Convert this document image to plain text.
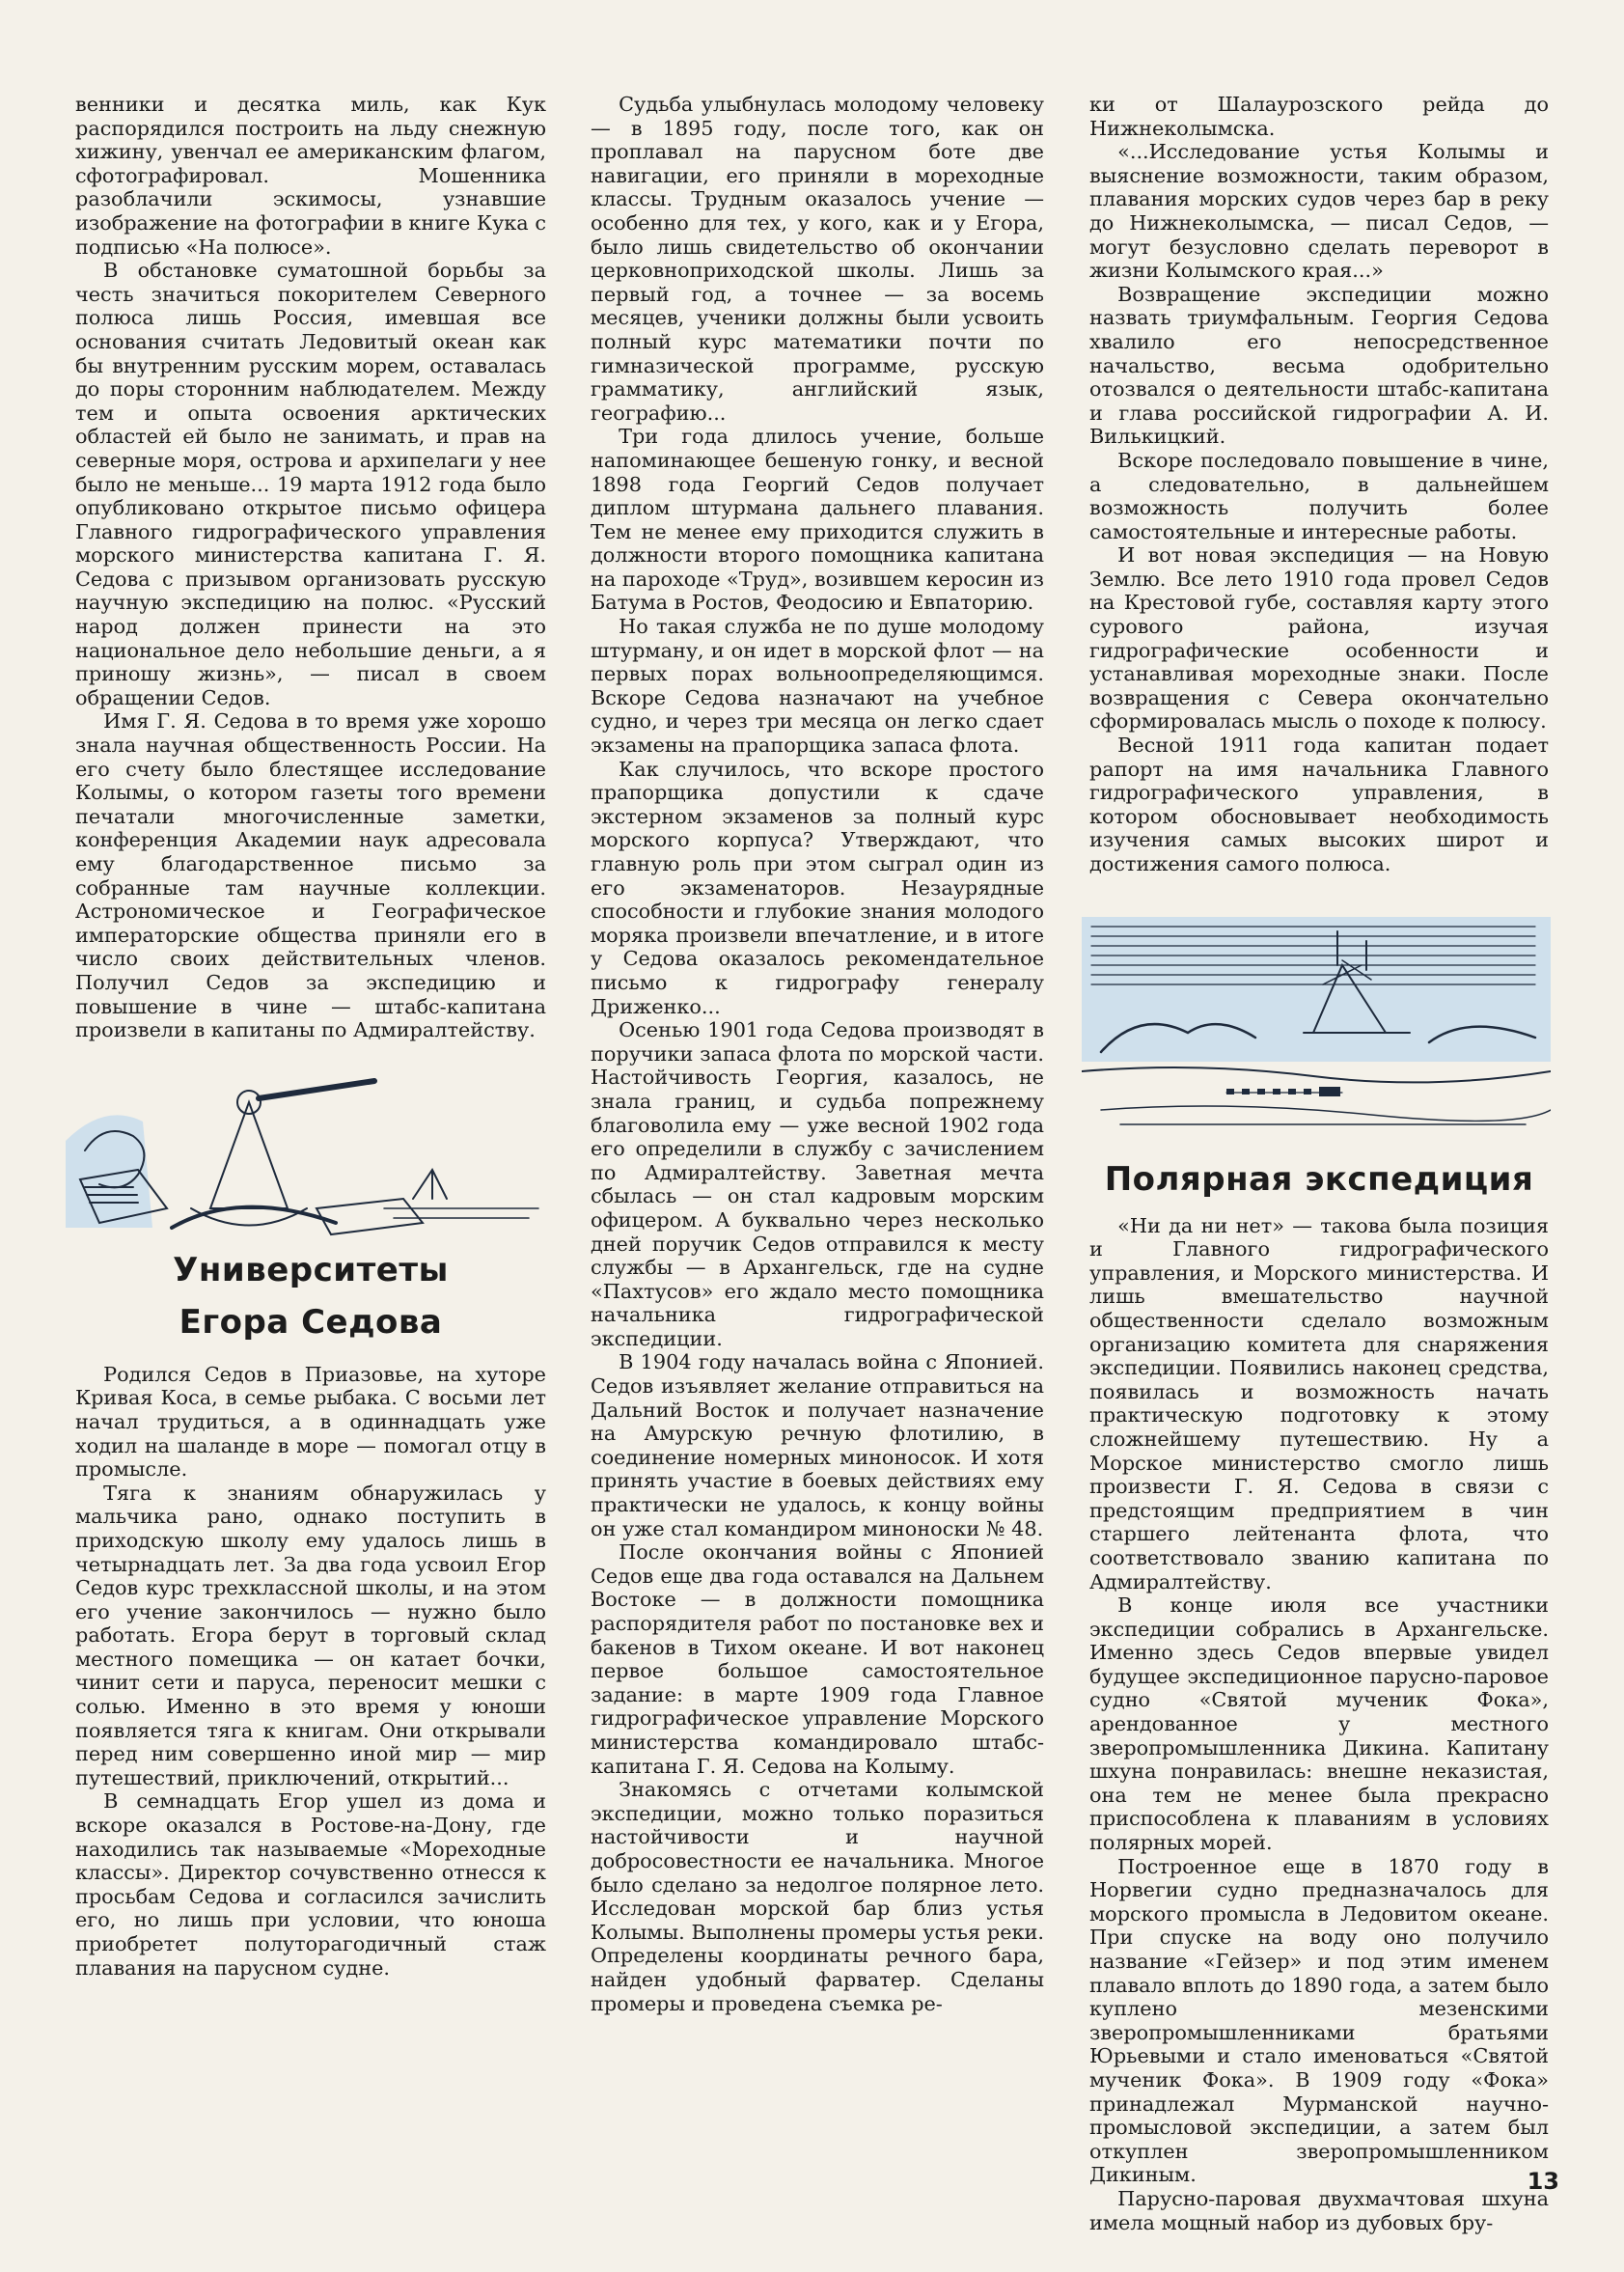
венники и десятка миль, как Кук распорядился построить на льду снежную хижину, увенчал ее американским флагом, сфотографировал. Мошенника разоблачили эскимосы, узнавшие изображение на фотографии в книге Кука с подписью «На полюсе».

В обстановке суматошной борьбы за честь значиться покорителем Северного полюса лишь Россия, имевшая все основания считать Ледовитый океан как бы внутренним русским морем, оставалась до поры сторонним наблюдателем. Между тем и опыта освоения арктических областей ей было не занимать, и прав на северные моря, острова и архипелаги у нее было не меньше... 19 марта 1912 года было опубликовано открытое письмо офицера Главного гидрографического управления морского министерства капитана Г. Я. Седова с призывом организовать русскую научную экспедицию на полюс. «Русский народ должен принести на это национальное дело небольшие деньги, а я приношу жизнь», — писал в своем обращении Седов.

Имя Г. Я. Седова в то время уже хорошо знала научная общественность России. На его счету было блестящее исследование Колымы, о котором газеты того времени печатали многочисленные заметки, конференция Академии наук адресовала ему благодарственное письмо за собранные там научные коллекции. Астрономическое и Географическое императорские общества приняли его в число своих действительных членов. Получил Седов за экспедицию и повышение в чине — штабс-капитана произвели в капитаны по Адмиралтейству.

Университеты
Егора Седова

Родился Седов в Приазовье, на хуторе Кривая Коса, в семье рыбака. С восьми лет начал трудиться, а в одиннадцать уже ходил на шаланде в море — помогал отцу в промысле.

Тяга к знаниям обнаружилась у мальчика рано, однако поступить в приходскую школу ему удалось лишь в четырнадцать лет. За два года усвоил Егор Седов курс трехклассной школы, и на этом его учение закончилось — нужно было работать. Егора берут в торговый склад местного помещика — он катает бочки, чинит сети и паруса, переносит мешки с солью. Именно в это время у юноши появляется тяга к книгам. Они открывали перед ним совершенно иной мир — мир путешествий, приключений, открытий...

В семнадцать Егор ушел из дома и вскоре оказался в Ростове-на-Дону, где находились так называемые «Мореходные классы». Директор сочувственно отнесся к просьбам Седова и согласился зачислить его, но лишь при условии, что юноша приобретет полуторагодичный стаж плавания на парусном судне.

Судьба улыбнулась молодому человеку — в 1895 году, после того, как он проплавал на парусном боте две навигации, его приняли в мореходные классы. Трудным оказалось учение — особенно для тех, у кого, как и у Егора, было лишь свидетельство об окончании церковноприходской школы. Лишь за первый год, а точнее — за восемь месяцев, ученики должны были усвоить полный курс математики почти по гимназической программе, русскую грамматику, английский язык, географию...

Три года длилось учение, больше напоминающее бешеную гонку, и весной 1898 года Георгий Седов получает диплом штурмана дальнего плавания. Тем не менее ему приходится служить в должности второго помощника капитана на пароходе «Труд», возившем керосин из Батума в Ростов, Феодосию и Евпаторию.

Но такая служба не по душе молодому штурману, и он идет в морской флот — на первых порах вольноопределяющимся. Вскоре Седова назначают на учебное судно, и через три месяца он легко сдает экзамены на прапорщика запаса флота.

Как случилось, что вскоре простого прапорщика допустили к сдаче экстерном экзаменов за полный курс морского корпуса? Утверждают, что главную роль при этом сыграл один из его экзаменаторов. Незаурядные способности и глубокие знания молодого моряка произвели впечатление, и в итоге у Седова оказалось рекомендательное письмо к гидрографу генералу Дриженко...

Осенью 1901 года Седова производят в поручики запаса флота по морской части. Настойчивость Георгия, казалось, не знала границ, и судьба попрежнему благоволила ему — уже весной 1902 года его определили в службу с зачислением по Адмиралтейству. Заветная мечта сбылась — он стал кадровым морским офицером. А буквально через несколько дней поручик Седов отправился к месту службы — в Архангельск, где на судне «Пахтусов» его ждало место помощника начальника гидрографической экспедиции.

В 1904 году началась война с Японией. Седов изъявляет желание отправиться на Дальний Восток и получает назначение на Амурскую речную флотилию, в соединение номерных миноносок. И хотя принять участие в боевых действиях ему практически не удалось, к концу войны он уже стал командиром миноноски № 48.

После окончания войны с Японией Седов еще два года оставался на Дальнем Востоке — в должности помощника распорядителя работ по постановке вех и бакенов в Тихом океане. И вот наконец первое большое самостоятельное задание: в марте 1909 года Главное гидрографическое управление Морского министерства командировало штабс-капитана Г. Я. Седова на Колыму.

Знакомясь с отчетами колымской экспедиции, можно только поразиться настойчивости и научной добросовестности ее начальника. Многое было сделано за недолгое полярное лето. Исследован морской бар близ устья Колымы. Выполнены промеры устья реки. Определены координаты речного бара, найден удобный фарватер. Сделаны промеры и проведена съемка ре-

ки от Шалаурозского рейда до Нижнеколымска.

«...Исследование устья Колымы и выяснение возможности, таким образом, плавания морских судов через бар в реку до Нижнеколымска, — писал Седов, — могут безусловно сделать переворот в жизни Колымского края...»

Возвращение экспедиции можно назвать триумфальным. Георгия Седова хвалило его непосредственное начальство, весьма одобрительно отозвался о деятельности штабс-капитана и глава российской гидрографии А. И. Вилькицкий.

Вскоре последовало повышение в чине, а следовательно, в дальнейшем возможность получить более самостоятельные и интересные работы.

И вот новая экспедиция — на Новую Землю. Все лето 1910 года провел Седов на Крестовой губе, составляя карту этого сурового района, изучая гидрографические особенности и устанавливая мореходные знаки. После возвращения с Севера окончательно сформировалась мысль о походе к полюсу.

Весной 1911 года капитан подает рапорт на имя начальника Главного гидрографического управления, в котором обосновывает необходимость изучения самых высоких широт и достижения самого полюса.

Полярная экспедиция

«Ни да ни нет» — такова была позиция и Главного гидрографического управления, и Морского министерства. И лишь вмешательство научной общественности сделало возможным организацию комитета для снаряжения экспедиции. Появились наконец средства, появилась и возможность начать практическую подготовку к этому сложнейшему путешествию. Ну а Морское министерство смогло лишь произвести Г. Я. Седова в связи с предстоящим предприятием в чин старшего лейтенанта флота, что соответствовало званию капитана по Адмиралтейству.

В конце июля все участники экспедиции собрались в Архангельске. Именно здесь Седов впервые увидел будущее экспедиционное парусно-паровое судно «Святой мученик Фока», арендованное у местного зверопромышленника Дикина. Капитану шхуна понравилась: внешне неказистая, она тем не менее была прекрасно приспособлена к плаваниям в условиях полярных морей.

Построенное еще в 1870 году в Норвегии судно предназначалось для морского промысла в Ледовитом океане. При спуске на воду оно получило название «Гейзер» и под этим именем плавало вплоть до 1890 года, а затем было куплено мезенскими зверопромышленниками братьями Юрьевыми и стало именоваться «Святой мученик Фока». В 1909 году «Фока» принадлежал Мурманской научно-промысловой экспедиции, а затем был откуплен зверопромышленником Дикиным.

Парусно-паровая двухмачтовая шхуна имела мощный набор из дубовых бру-

13
